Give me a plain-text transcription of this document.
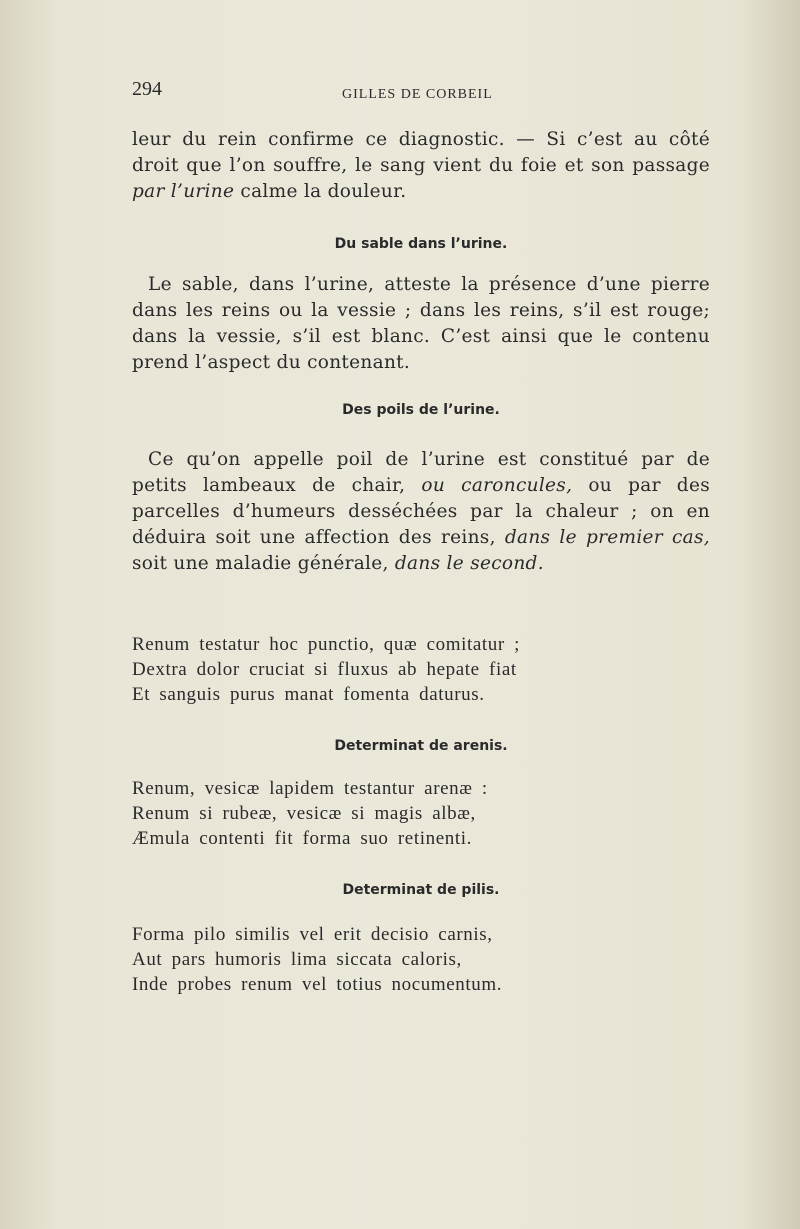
294	GILLES DE CORBEIL

leur du rein confirme ce diagnostic. — Si c’est au côté droit que l’on souffre, le sang vient du foie et son passage par l’urine calme la douleur.

Du sable dans l’urine.

Le sable, dans l’urine, atteste la présence d’une pierre dans les reins ou la vessie ; dans les reins, s’il est rouge; dans la vessie, s’il est blanc. C’est ainsi que le contenu prend l’aspect du contenant.

Des poils de l’urine.

Ce qu’on appelle poil de l’urine est constitué par de petits lambeaux de chair, ou caroncules, ou par des parcelles d’humeurs desséchées par la chaleur ; on en déduira soit une affection des reins, dans le premier cas, soit une maladie générale, dans le second.

Renum testatur hoc punctio, quæ comitatur ;
Dextra dolor cruciat si fluxus ab hepate fiat
Et sanguis purus manat fomenta daturus.
Determinat de arenis.
Renum, vesicæ lapidem testantur arenæ :
Renum si rubeæ, vesicæ si magis albæ,
Æmula contenti fit forma suo retinenti.
Determinat de pilis.
Forma pilo similis vel erit decisio carnis,
Aut pars humoris lima siccata caloris,
Inde probes renum vel totius nocumentum.
